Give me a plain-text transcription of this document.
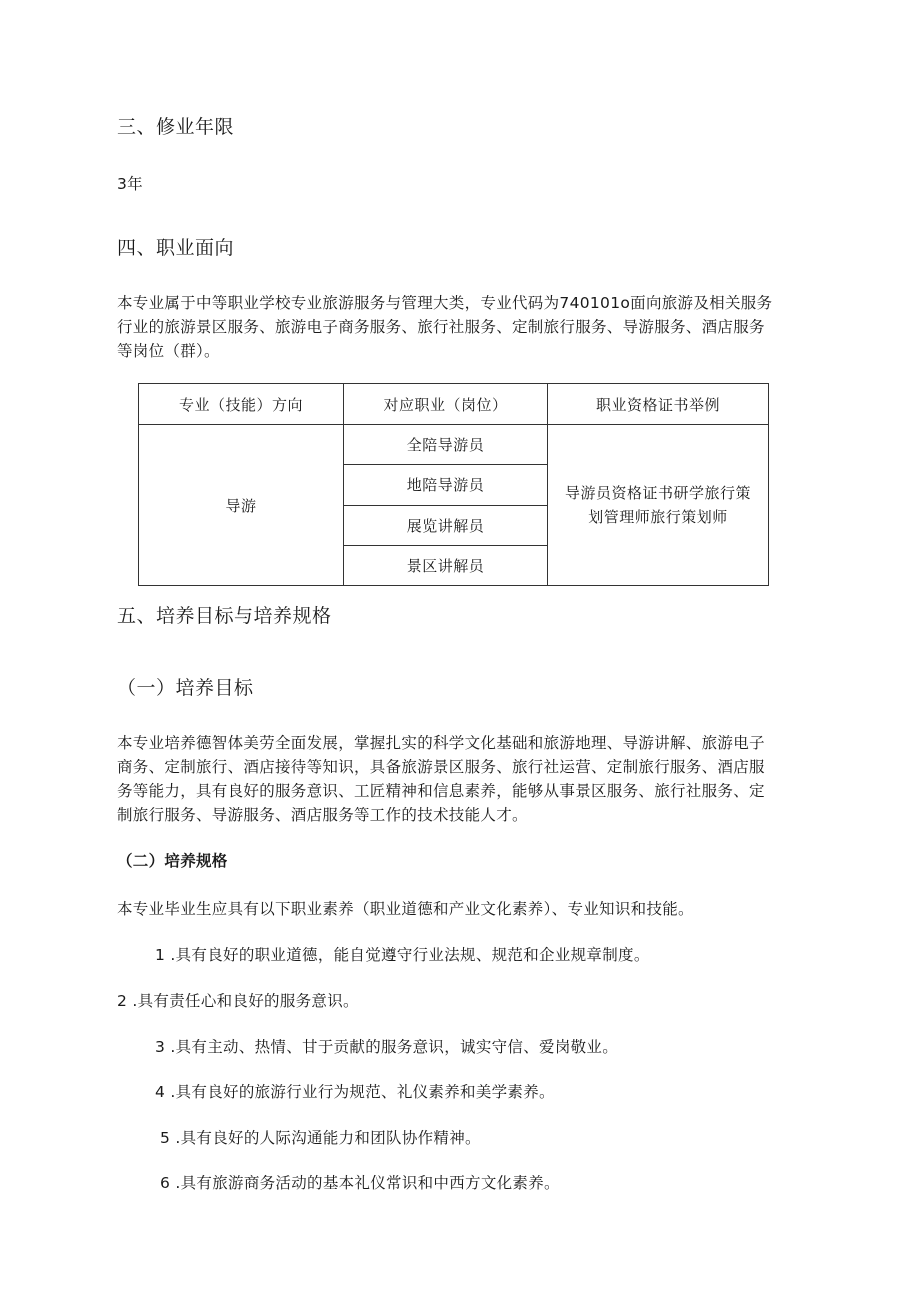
三、修业年限
3年
四、职业面向
本专业属于中等职业学校专业旅游服务与管理大类，专业代码为740101o面向旅游及相关服务行业的旅游景区服务、旅游电子商务服务、旅行社服务、定制旅行服务、导游服务、酒店服务等岗位（群）。
专业（技能）方向	对应职业（岗位）	职业资格证书举例
导游	全陪导游员	导游员资格证书研学旅行策划管理师旅行策划师
	地陪导游员	
	展览讲解员	
	景区讲解员	
五、培养目标与培养规格
（一）培养目标
本专业培养德智体美劳全面发展，掌握扎实的科学文化基础和旅游地理、导游讲解、旅游电子商务、定制旅行、酒店接待等知识，具备旅游景区服务、旅行社运营、定制旅行服务、酒店服务等能力，具有良好的服务意识、工匠精神和信息素养，能够从事景区服务、旅行社服务、定制旅行服务、导游服务、酒店服务等工作的技术技能人才。
（二）培养规格
本专业毕业生应具有以下职业素养（职业道德和产业文化素养）、专业知识和技能。
1 .具有良好的职业道德，能自觉遵守行业法规、规范和企业规章制度。
2 .具有责任心和良好的服务意识。
3 .具有主动、热情、甘于贡献的服务意识，诚实守信、爱岗敬业。
4 .具有良好的旅游行业行为规范、礼仪素养和美学素养。
5 .具有良好的人际沟通能力和团队协作精神。
6 .具有旅游商务活动的基本礼仪常识和中西方文化素养。
